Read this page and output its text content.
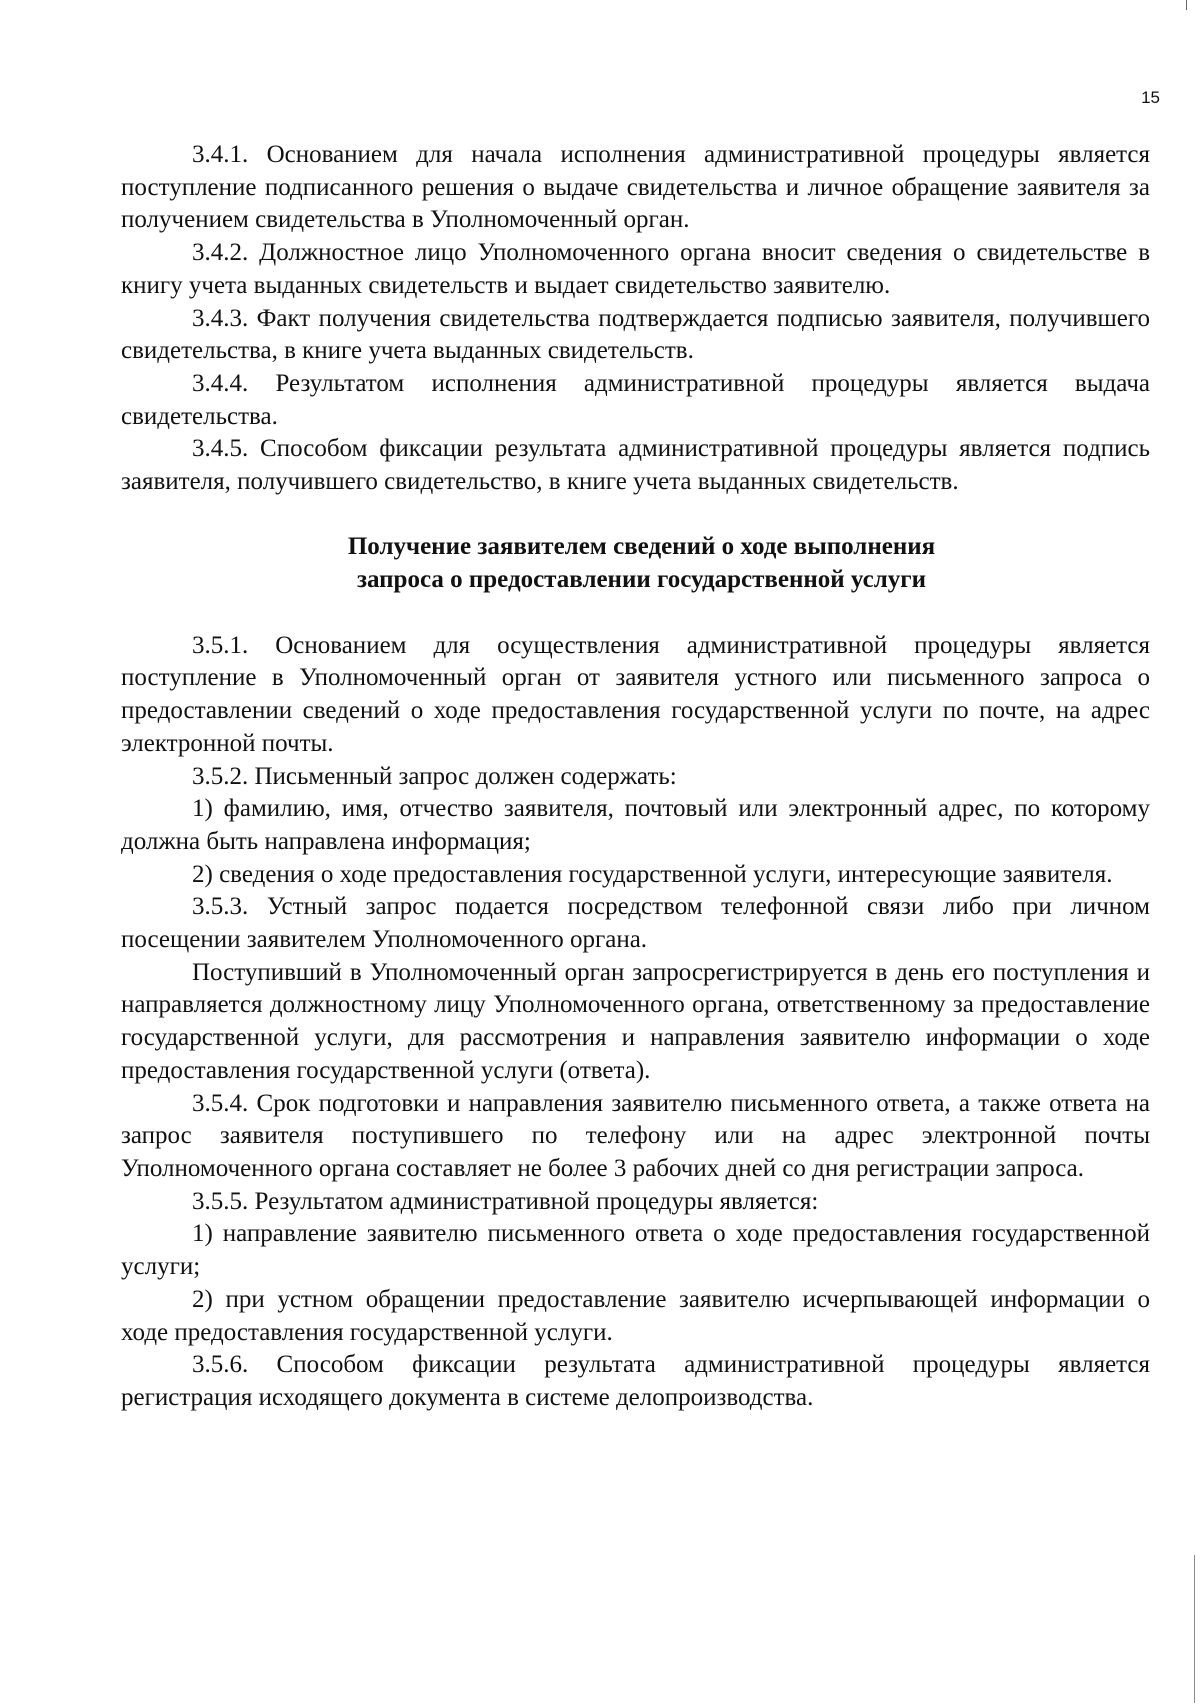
15

3.4.1. Основанием для начала исполнения административной процедуры является поступление подписанного решения о выдаче свидетельства и личное обращение заявителя за получением свидетельства в Уполномоченный орган.

3.4.2. Должностное лицо Уполномоченного органа вносит сведения о свидетельстве в книгу учета выданных свидетельств и выдает свидетельство заявителю.

3.4.3. Факт получения свидетельства подтверждается подписью заявителя, получившего свидетельства, в книге учета выданных свидетельств.

3.4.4. Результатом исполнения административной процедуры является выдача свидетельства.

3.4.5. Способом фиксации результата административной процедуры является подпись заявителя, получившего свидетельство, в книге учета выданных свидетельств.

Получение заявителем сведений о ходе выполнения

запроса о предоставлении государственной услуги

3.5.1. Основанием для осуществления административной процедуры является поступление в Уполномоченный орган от заявителя устного или письменного запроса о предоставлении сведений о ходе предоставления государственной услуги по почте, на адрес электронной почты.

3.5.2. Письменный запрос должен содержать:

1) фамилию, имя, отчество заявителя, почтовый или электронный адрес, по которому должна быть направлена информация;

2) сведения о ходе предоставления государственной услуги, интересующие заявителя.

3.5.3. Устный запрос подается посредством телефонной связи либо при личном посещении заявителем Уполномоченного органа.

Поступивший в Уполномоченный орган запросрегистрируется в день его поступления и направляется должностному лицу Уполномоченного органа, ответственному за предоставление государственной услуги, для рассмотрения и направления заявителю информации о ходе предоставления государственной услуги (ответа).

3.5.4. Срок подготовки и направления заявителю письменного ответа, а также ответа на запрос заявителя поступившего по телефону или на адрес электронной почты Уполномоченного органа составляет не более 3 рабочих дней со дня регистрации запроса.

3.5.5. Результатом административной процедуры является:

1) направление заявителю письменного ответа о ходе предоставления государственной услуги;

2) при устном обращении предоставление заявителю исчерпывающей информации о ходе предоставления государственной услуги.

3.5.6. Способом фиксации результата административной процедуры является регистрация исходящего документа в системе делопроизводства.
